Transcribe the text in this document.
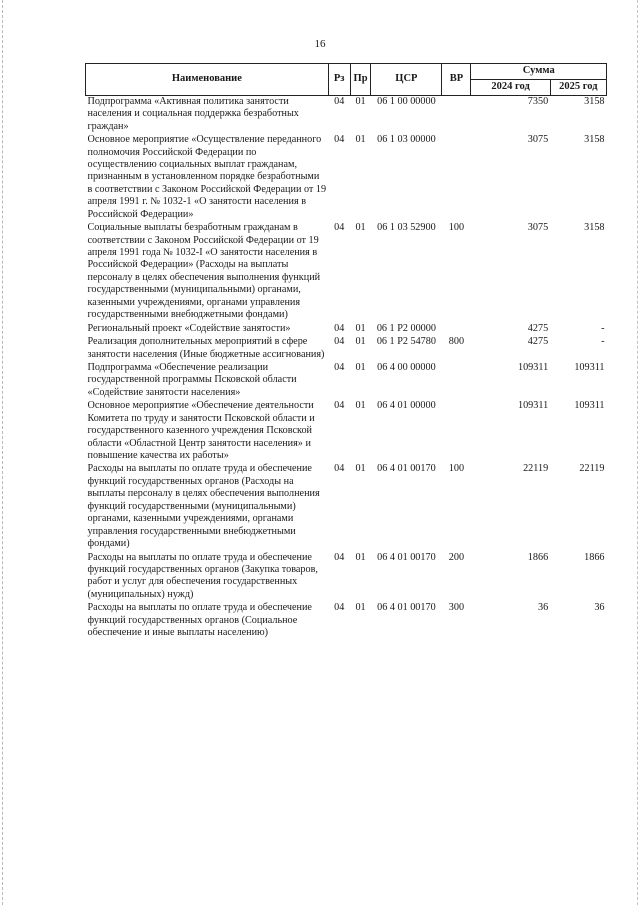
16
Наименование	Рз	Пр	ЦСР	ВР	Сумма	
					2024 год	2025 год
Подпрограмма «Активная политика занятости населения и социальная поддержка безработных граждан»	04	01	06 1 00 00000		7350	3158
Основное мероприятие «Осуществление переданного полномочия Российской Федерации по осуществлению социальных выплат гражданам, признанным в установленном порядке безработными в соответствии с Законом Российской Федерации от 19 апреля 1991 г. № 1032-1 «О занятости населения в Российской Федерации»	04	01	06 1 03 00000		3075	3158
Социальные выплаты безработным гражданам в соответствии с Законом Российской Федерации от 19 апреля 1991 года № 1032-I «О занятости населения в Российской Федерации» (Расходы на выплаты персоналу в целях обеспечения выполнения функций государственными (муниципальными) органами, казенными учреждениями, органами управления государственными внебюджетными фондами)	04	01	06 1 03 52900	100	3075	3158
Региональный проект «Содействие занятости»	04	01	06 1 P2 00000		4275	-
Реализация дополнительных мероприятий в сфере занятости населения (Иные бюджетные ассигнования)	04	01	06 1 P2 54780	800	4275	-
Подпрограмма «Обеспечение реализации государственной программы Псковской области «Содействие занятости населения»	04	01	06 4 00 00000		109311	109311
Основное мероприятие «Обеспечение деятельности Комитета по труду и занятости Псковской области и государственного казенного учреждения Псковской области «Областной Центр занятости населения» и повышение качества их работы»	04	01	06 4 01 00000		109311	109311
Расходы на выплаты по оплате труда и обеспечение функций государственных органов (Расходы на выплаты персоналу в целях обеспечения выполнения функций государственными (муниципальными) органами, казенными учреждениями, органами управления государственными внебюджетными фондами)	04	01	06 4 01 00170	100	22119	22119
Расходы на выплаты по оплате труда и обеспечение функций государственных органов (Закупка товаров, работ и услуг для обеспечения государственных (муниципальных) нужд)	04	01	06 4 01 00170	200	1866	1866
Расходы на выплаты по оплате труда и обеспечение функций государственных органов (Социальное обеспечение и иные выплаты населению)	04	01	06 4 01 00170	300	36	36
